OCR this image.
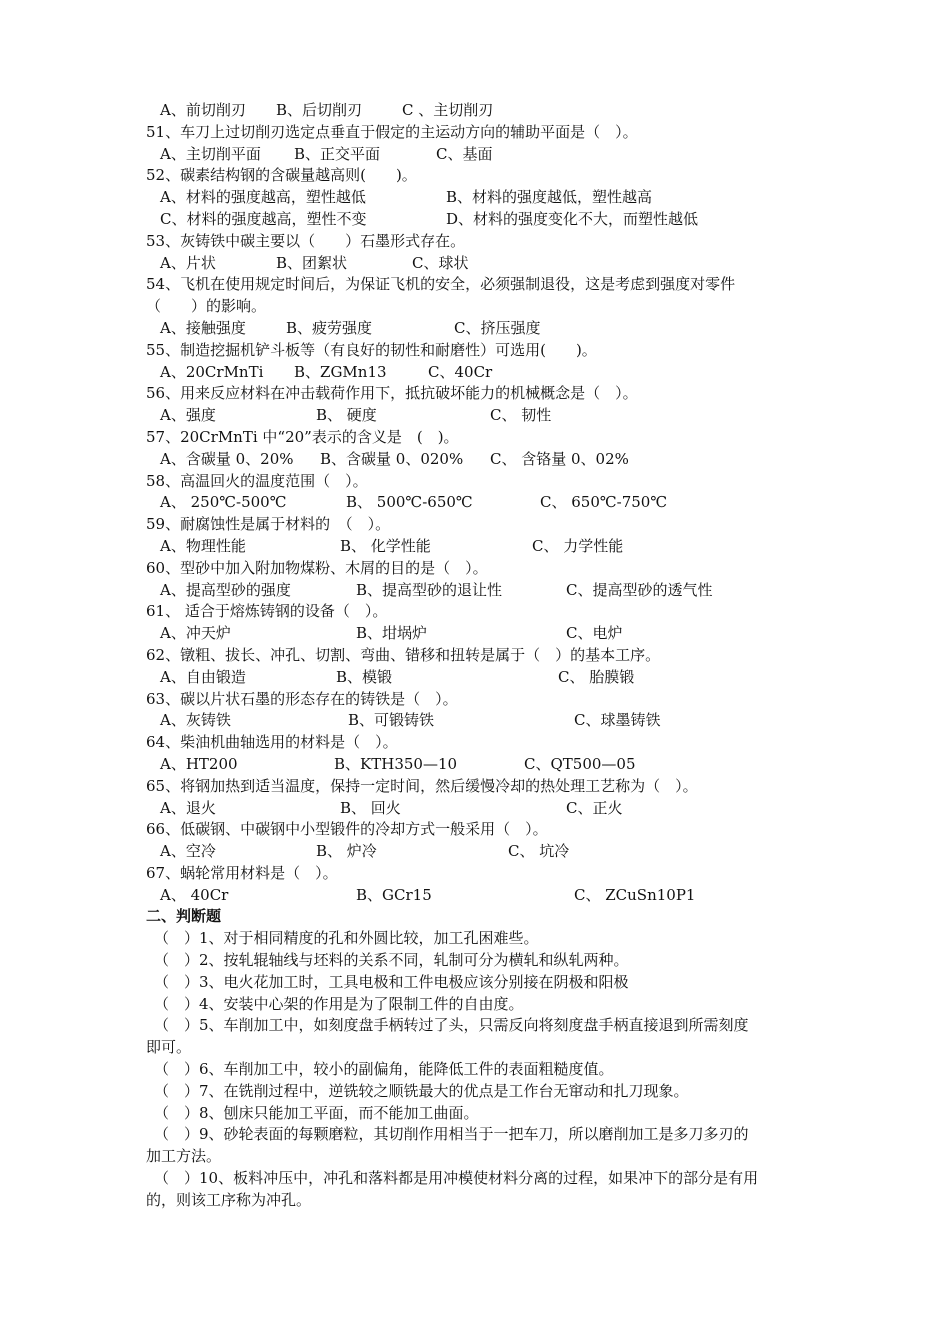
A、前切削刃 B、后切削刃	C 、主切削刃
51、车刀上过切削刃选定点垂直于假定的主运动方向的辅助平面是（　）。
A、主切削平面 B、正交平面	C、基面
52、碳素结构钢的含碳量越高则(　　)。
A、材料的强度越高，塑性越低	B、材料的强度越低，塑性越高
C、材料的强度越高，塑性不变	D、材料的强度变化不大，而塑性越低
53、灰铸铁中碳主要以（　　）石墨形式存在。
A、片状	B、团絮状	C、球状
54、飞机在使用规定时间后，为保证飞机的安全，必须强制退役，这是考虑到强度对零件
（　　）的影响。
A、接触强度	B、疲劳强度	C、挤压强度
55、制造挖掘机铲斗板等（有良好的韧性和耐磨性）可选用(　　)。
A、20CrMnTi B、ZGMn13	C、40Cr
56、用来反应材料在冲击载荷作用下，抵抗破坏能力的机械概念是（　）。
A、强度	B、 硬度	C、 韧性
57、20CrMnTi 中“20”表示的含义是　(　)。
A、含碳量 0、20% B、含碳量 0、020% C、 含铬量 0、02%
58、高温回火的温度范围（　）。
A、 250℃-500℃	B、 500℃-650℃	C、 650℃-750℃
59、耐腐蚀性是属于材料的　（　）。
A、物理性能	B、 化学性能	C、 力学性能
60、型砂中加入附加物煤粉、木屑的目的是（　）。
A、提高型砂的强度	B、提高型砂的退让性	C、提高型砂的透气性
61、 适合于熔炼铸钢的设备（　）。
A、冲天炉	B、坩埚炉	C、电炉
62、镦粗、拔长、冲孔、切割、弯曲、错移和扭转是属于（　）的基本工序。
A、自由锻造	B、模锻	C、 胎膜锻
63、碳以片状石墨的形态存在的铸铁是（　）。
A、灰铸铁	B、可锻铸铁	C、球墨铸铁
64、柴油机曲轴选用的材料是（　）。
A、HT200	B、KTH350—10	C、QT500—05
65、将钢加热到适当温度，保持一定时间，然后缓慢冷却的热处理工艺称为（　）。
A、退火	B、 回火	C、正火
66、低碳钢、中碳钢中小型锻件的冷却方式一般采用（　）。
A、空冷	B、 炉冷	C、 坑冷
67、蜗轮常用材料是（　）。
A、 40Cr	B、GCr15	C、 ZCuSn10P1
二、判断题
（　）1、对于相同精度的孔和外圆比较，加工孔困难些。
（　）2、按轧辊轴线与坯料的关系不同，轧制可分为横轧和纵轧两种。
（　）3、电火花加工时，工具电极和工件电极应该分别接在阴极和阳极
（　）4、安装中心架的作用是为了限制工件的自由度。
（　）5、车削加工中，如刻度盘手柄转过了头，只需反向将刻度盘手柄直接退到所需刻度
即可。
（　）6、车削加工中，较小的副偏角，能降低工件的表面粗糙度值。
（　）7、在铣削过程中，逆铣较之顺铣最大的优点是工作台无窜动和扎刀现象。
（　）8、刨床只能加工平面，而不能加工曲面。
（　）9、砂轮表面的每颗磨粒，其切削作用相当于一把车刀，所以磨削加工是多刀多刃的
加工方法。
（　）10、板料冲压中，冲孔和落料都是用冲模使材料分离的过程，如果冲下的部分是有用
的，则该工序称为冲孔。
